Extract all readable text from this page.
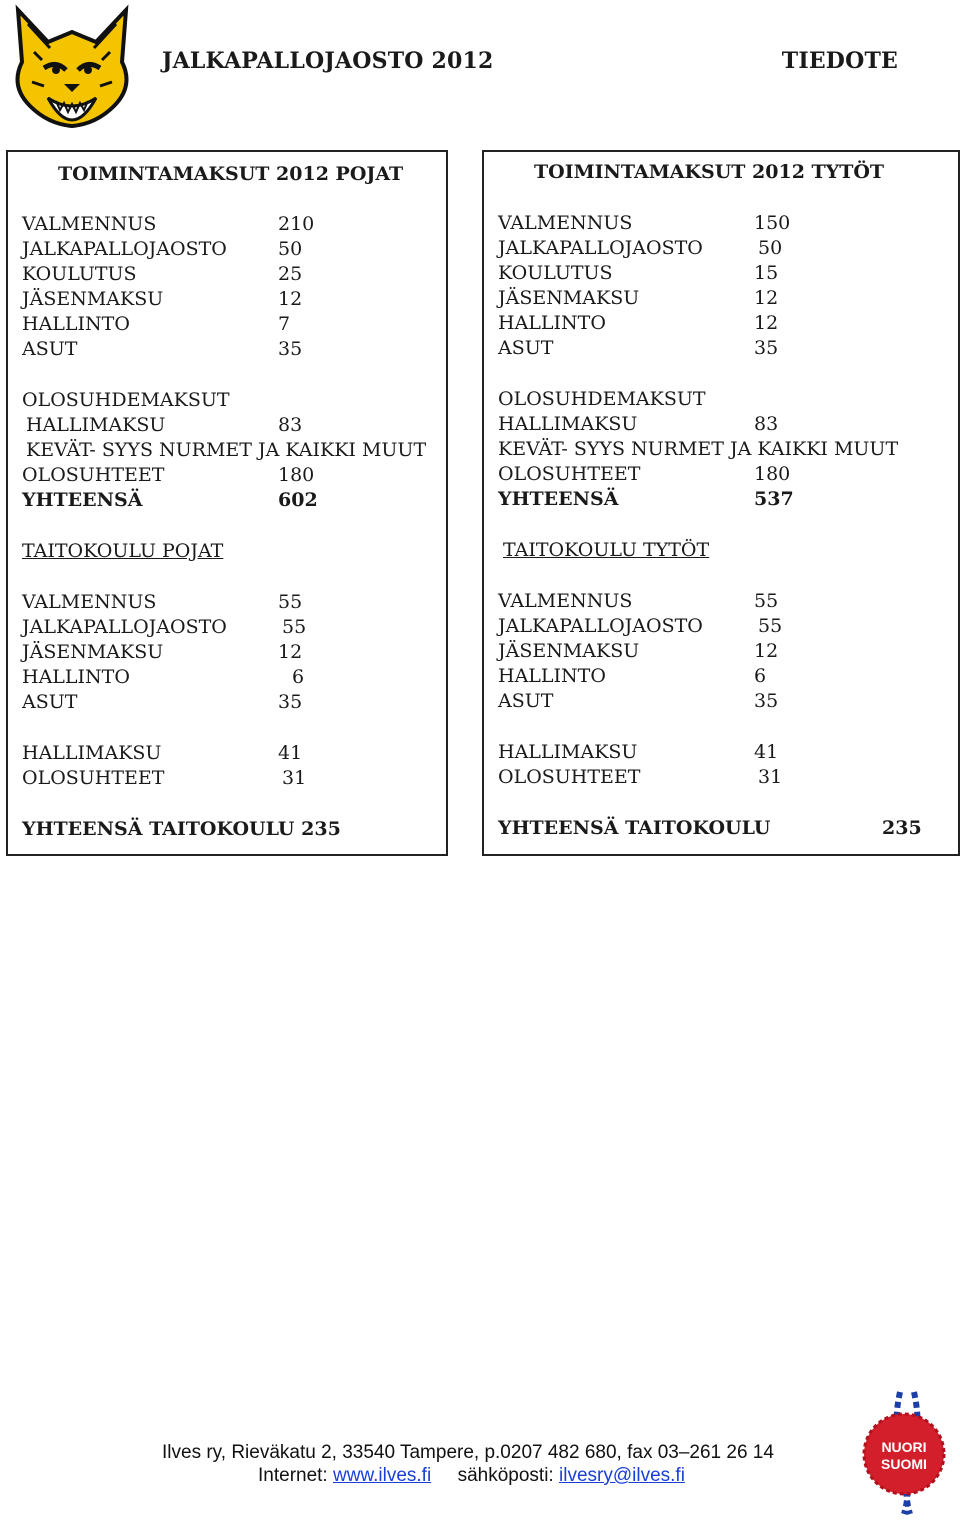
JALKAPALLOJAOSTO 2012	TIEDOTE
TOIMINTAMAKSUT 2012 POJAT
VALMENNUS	210
JALKAPALLOJAOSTO	50
KOULUTUS	25
JÄSENMAKSU	12
HALLINTO	7
ASUT	35
OLOSUHDEMAKSUT
HALLIMAKSU	83
KEVÄT- SYYS NURMET JA KAIKKI MUUT
OLOSUHTEET	180
YHTEENSÄ	602
TAITOKOULU POJAT
VALMENNUS	55
JALKAPALLOJAOSTO	55
JÄSENMAKSU	12
HALLINTO	6
ASUT	35
HALLIMAKSU	41
OLOSUHTEET	31
YHTEENSÄ TAITOKOULU 235
TOIMINTAMAKSUT 2012 TYTÖT
VALMENNUS	150
JALKAPALLOJAOSTO	50
KOULUTUS	15
JÄSENMAKSU	12
HALLINTO	12
ASUT	35
OLOSUHDEMAKSUT
HALLIMAKSU	83
KEVÄT- SYYS NURMET JA KAIKKI MUUT
OLOSUHTEET	180
YHTEENSÄ	537
TAITOKOULU TYTÖT
VALMENNUS	55
JALKAPALLOJAOSTO	55
JÄSENMAKSU	12
HALLINTO	6
ASUT	35
HALLIMAKSU	41
OLOSUHTEET	31
YHTEENSÄ TAITOKOULU	235
Ilves ry, Rieväkatu 2, 33540 Tampere, p.0207 482 680, fax 03–261 26 14
Internet: www.ilves.fi sähköposti: ilvesry@ilves.fi
NUORI
SUOMI
